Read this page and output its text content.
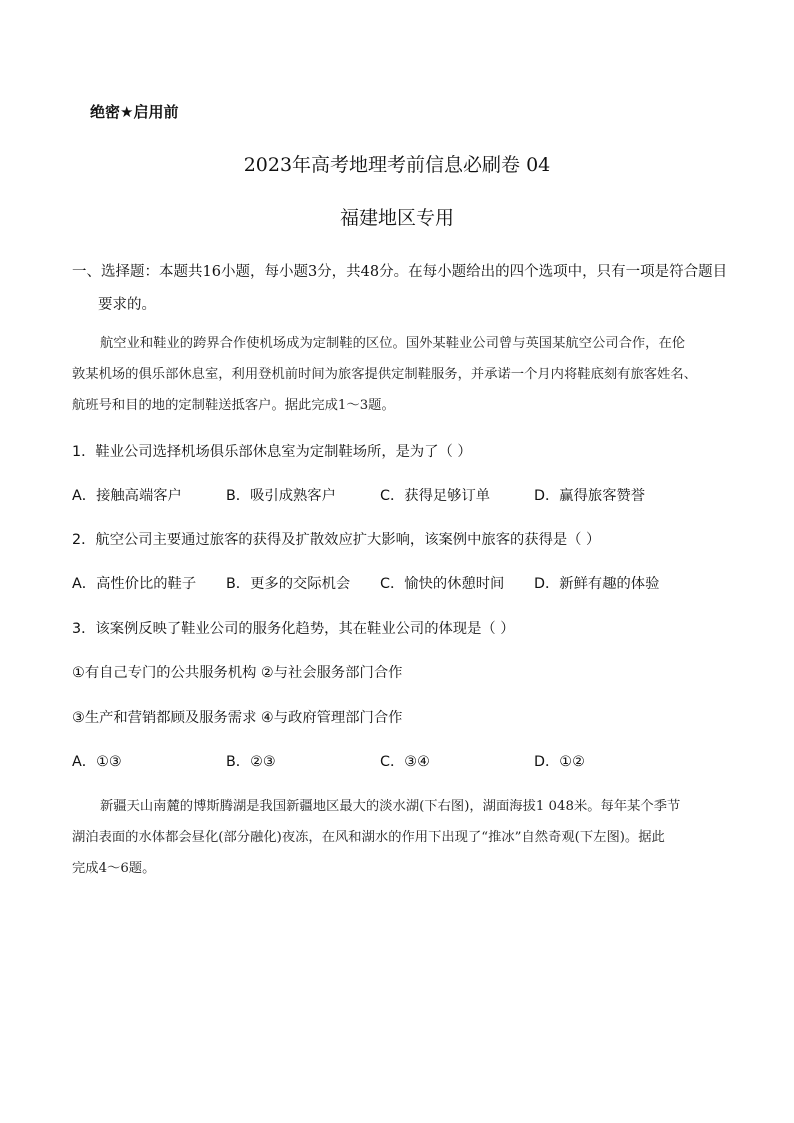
绝密★启用前
2023年高考地理考前信息必刷卷 04
福建地区专用
一、选择题：本题共16小题，每小题3分，共48分。在每小题给出的四个选项中，只有一项是符合题目
要求的。
航空业和鞋业的跨界合作使机场成为定制鞋的区位。国外某鞋业公司曾与英国某航空公司合作，在伦
敦某机场的俱乐部休息室，利用登机前时间为旅客提供定制鞋服务，并承诺一个月内将鞋底刻有旅客姓名、
航班号和目的地的定制鞋送抵客户。据此完成1～3题。
1．鞋业公司选择机场俱乐部休息室为定制鞋场所，是为了（ ）
A．接触高端客户	B．吸引成熟客户	C．获得足够订单	D．赢得旅客赞誉
2．航空公司主要通过旅客的获得及扩散效应扩大影响，该案例中旅客的获得是（ ）
A．高性价比的鞋子 B．更多的交际机会 C．愉快的休憩时间 D．新鲜有趣的体验
3．该案例反映了鞋业公司的服务化趋势，其在鞋业公司的体现是（ ）
①有自己专门的公共服务机构 ②与社会服务部门合作
③生产和营销都顾及服务需求 ④与政府管理部门合作
A．①③	B．②③	C．③④	D．①②
新疆天山南麓的博斯腾湖是我国新疆地区最大的淡水湖(下右图)，湖面海拔1 048米。每年某个季节
湖泊表面的水体都会昼化(部分融化)夜冻，在风和湖水的作用下出现了“推冰”自然奇观(下左图)。据此
完成4～6题。
